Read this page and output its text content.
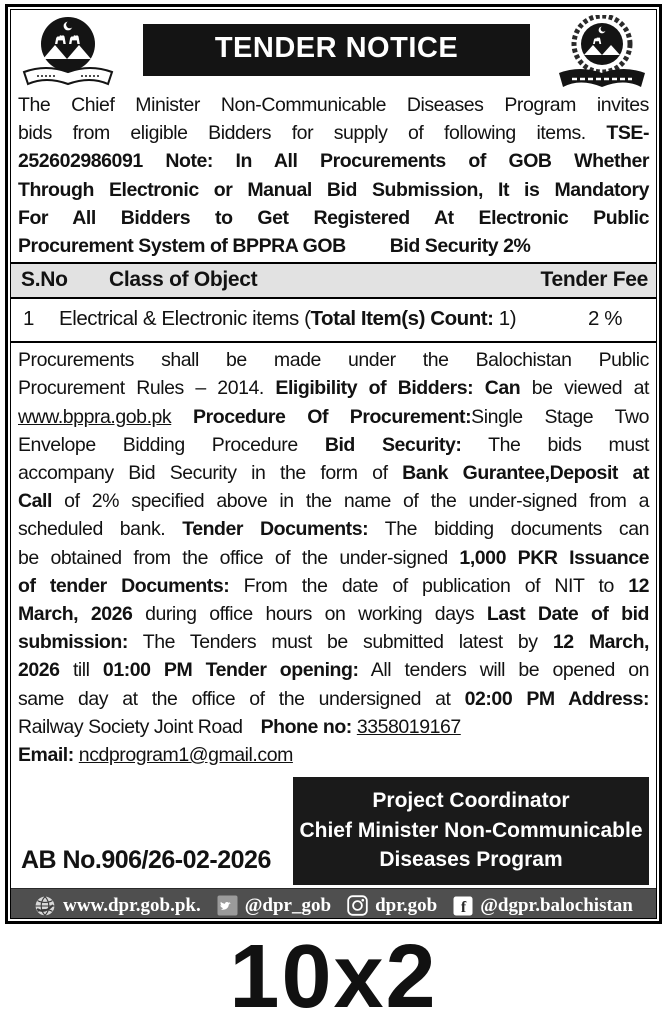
TENDER NOTICE
The Chief Minister Non-Communicable Diseases Program invites
bids from eligible Bidders for supply of following items. TSE-
252602986091 Note: In All Procurements of GOB Whether
Through Electronic or Manual Bid Submission, It is Mandatory
For All Bidders to Get Registered At Electronic Public
Procurement System of BPPRA GOB Bid Security 2%
S.No	Class of Object	Tender Fee
1	Electrical & Electronic items (Total Item(s) Count: 1)	2 %
Procurements shall be made under the Balochistan Public
Procurement Rules – 2014. Eligibility of Bidders: Can be viewed at
www.bppra.gob.pk Procedure Of Procurement:Single Stage Two
Envelope Bidding Procedure Bid Security: The bids must
accompany Bid Security in the form of Bank Gurantee,Deposit at
Call of 2% specified above in the name of the under-signed from a
scheduled bank. Tender Documents: The bidding documents can
be obtained from the office of the under-signed 1,000 PKR Issuance
of tender Documents: From the date of publication of NIT to 12
March, 2026 during office hours on working days Last Date of bid
submission: The Tenders must be submitted latest by 12 March,
2026 till 01:00 PM Tender opening: All tenders will be opened on
same day at the office of the undersigned at 02:00 PM Address:
Railway Society Joint Road Phone no: 3358019167
Email: ncdprogram1@gmail.com
AB No.906/26-02-2026
Project Coordinator
Chief Minister Non-Communicable
Diseases Program
www.dpr.gob.pk. @dpr_gob dpr.gob f @dgpr.balochistan
10x2
